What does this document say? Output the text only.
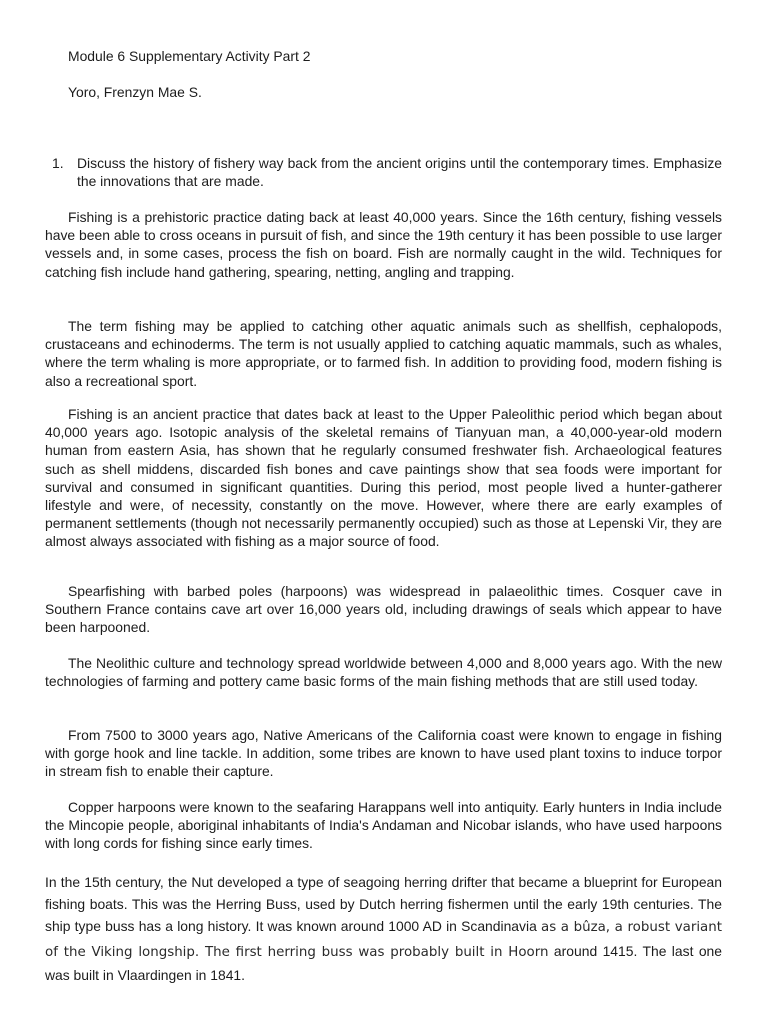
Module 6 Supplementary Activity Part 2

Yoro, Frenzyn Mae S.

1. Discuss the history of fishery way back from the ancient origins until the contemporary times. Emphasize the innovations that are made.

Fishing is a prehistoric practice dating back at least 40,000 years. Since the 16th century, fishing vessels have been able to cross oceans in pursuit of fish, and since the 19th century it has been possible to use larger vessels and, in some cases, process the fish on board. Fish are normally caught in the wild. Techniques for catching fish include hand gathering, spearing, netting, angling and trapping.

The term fishing may be applied to catching other aquatic animals such as shellfish, cephalopods, crustaceans and echinoderms. The term is not usually applied to catching aquatic mammals, such as whales, where the term whaling is more appropriate, or to farmed fish. In addition to providing food, modern fishing is also a recreational sport.

Fishing is an ancient practice that dates back at least to the Upper Paleolithic period which began about 40,000 years ago. Isotopic analysis of the skeletal remains of Tianyuan man, a 40,000-year-old modern human from eastern Asia, has shown that he regularly consumed freshwater fish. Archaeological features such as shell middens, discarded fish bones and cave paintings show that sea foods were important for survival and consumed in significant quantities. During this period, most people lived a hunter-gatherer lifestyle and were, of necessity, constantly on the move. However, where there are early examples of permanent settlements (though not necessarily permanently occupied) such as those at Lepenski Vir, they are almost always associated with fishing as a major source of food.

Spearfishing with barbed poles (harpoons) was widespread in palaeolithic times. Cosquer cave in Southern France contains cave art over 16,000 years old, including drawings of seals which appear to have been harpooned.

The Neolithic culture and technology spread worldwide between 4,000 and 8,000 years ago. With the new technologies of farming and pottery came basic forms of the main fishing methods that are still used today.

From 7500 to 3000 years ago, Native Americans of the California coast were known to engage in fishing with gorge hook and line tackle. In addition, some tribes are known to have used plant toxins to induce torpor in stream fish to enable their capture.

Copper harpoons were known to the seafaring Harappans well into antiquity. Early hunters in India include the Mincopie people, aboriginal inhabitants of India's Andaman and Nicobar islands, who have used harpoons with long cords for fishing since early times.

In the 15th century, the Nut developed a type of seagoing herring drifter that became a blueprint for European fishing boats. This was the Herring Buss, used by Dutch herring fishermen until the early 19th centuries. The ship type buss has a long history. It was known around 1000 AD in Scandinavia as a bûza, a robust variant of the Viking longship. The first herring buss was probably built in Hoorn around 1415. The last one was built in Vlaardingen in 1841.
